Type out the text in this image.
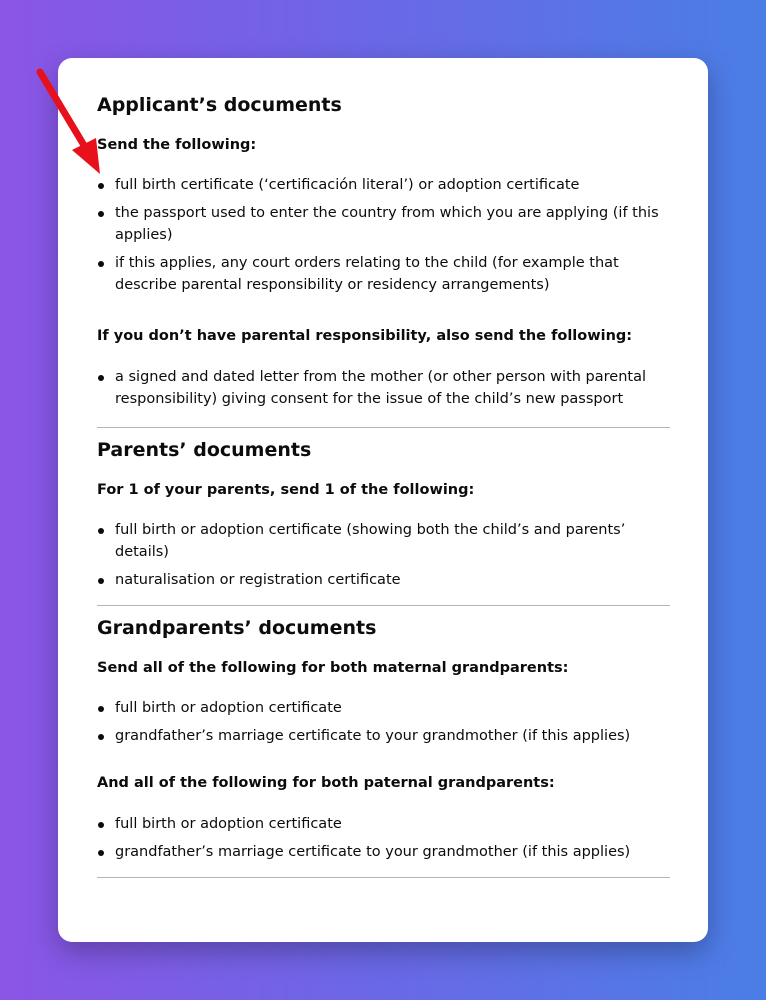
Applicant’s documents

Send the following:

full birth certificate (‘certificación literal’) or adoption certificate
the passport used to enter the country from which you are applying (if this applies)
if this applies, any court orders relating to the child (for example that describe parental responsibility or residency arrangements)

If you don’t have parental responsibility, also send the following:

a signed and dated letter from the mother (or other person with parental responsibility) giving consent for the issue of the child’s new passport
Parents’ documents

For 1 of your parents, send 1 of the following:

full birth or adoption certificate (showing both the child’s and parents’ details)
naturalisation or registration certificate
Grandparents’ documents

Send all of the following for both maternal grandparents:

full birth or adoption certificate
grandfather’s marriage certificate to your grandmother (if this applies)

And all of the following for both paternal grandparents:

full birth or adoption certificate
grandfather’s marriage certificate to your grandmother (if this applies)
